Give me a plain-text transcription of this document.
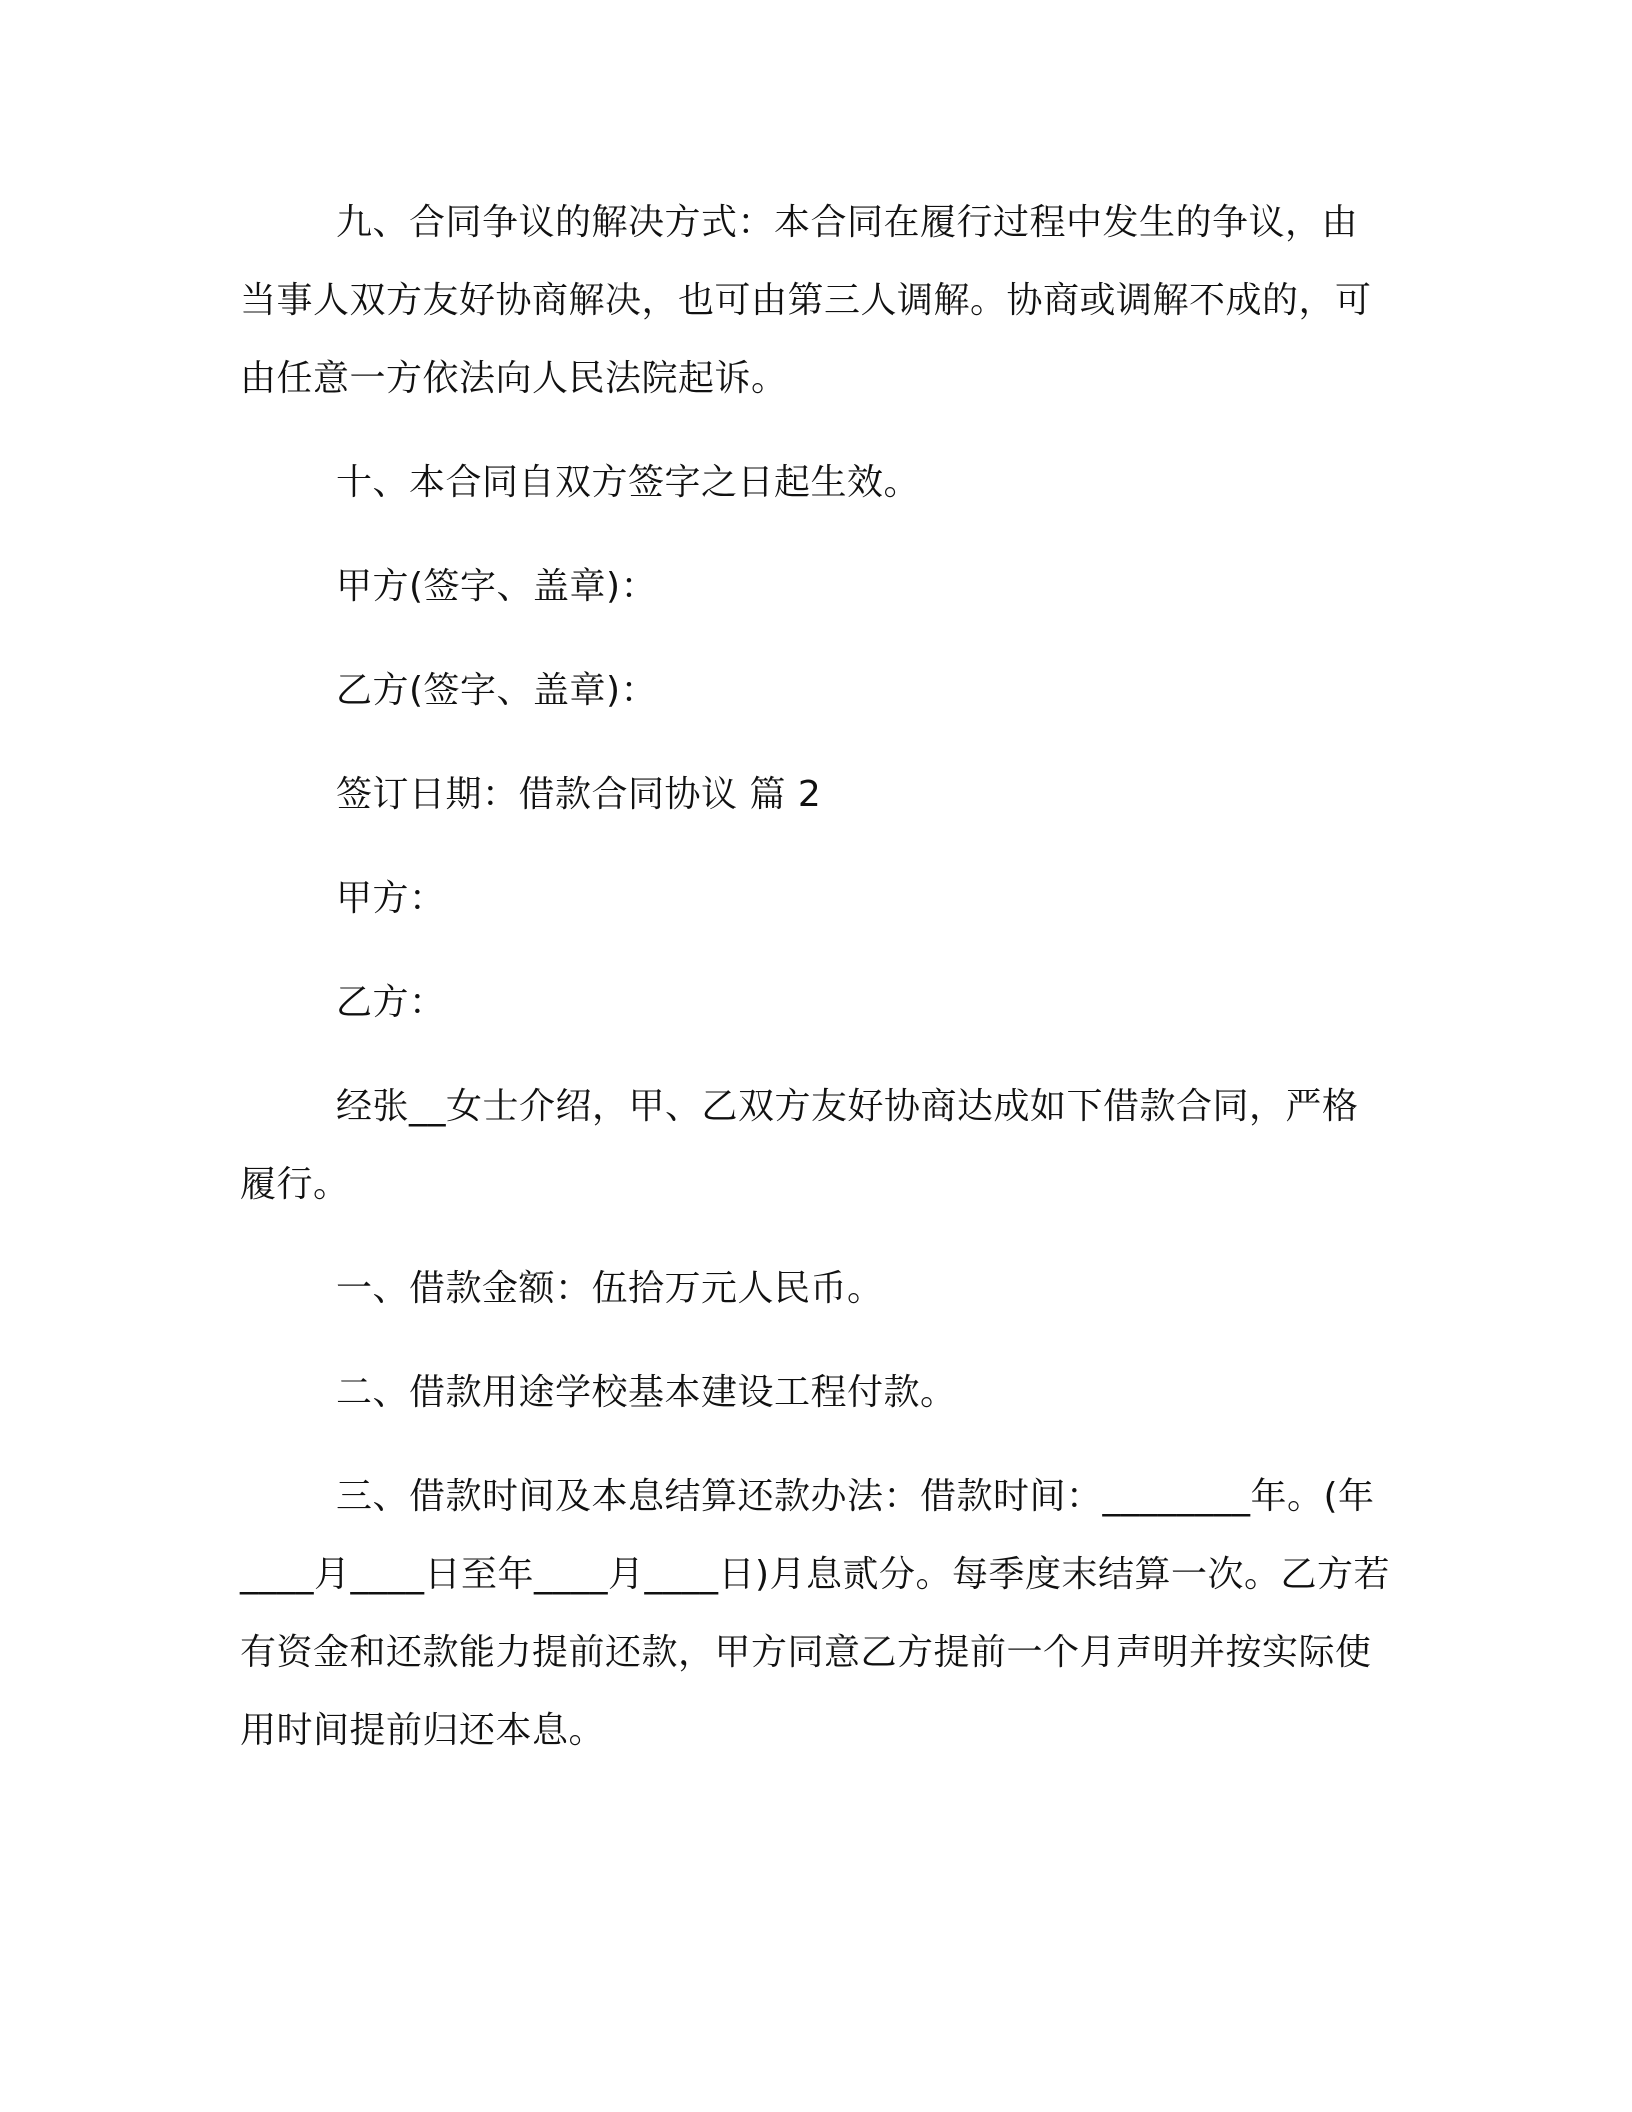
九、合同争议的解决方式：本合同在履行过程中发生的争议，由当事人双方友好协商解决，也可由第三人调解。协商或调解不成的，可由任意一方依法向人民法院起诉。

十、本合同自双方签字之日起生效。

甲方(签字、盖章)：

乙方(签字、盖章)：

签订日期：借款合同协议 篇 2

甲方：

乙方：

经张__女士介绍，甲、乙双方友好协商达成如下借款合同，严格履行。

一、借款金额：伍拾万元人民币。

二、借款用途学校基本建设工程付款。

三、借款时间及本息结算还款办法：借款时间：________年。(年____月____日至年____月____日)月息贰分。每季度末结算一次。乙方若有资金和还款能力提前还款，甲方同意乙方提前一个月声明并按实际使用时间提前归还本息。
